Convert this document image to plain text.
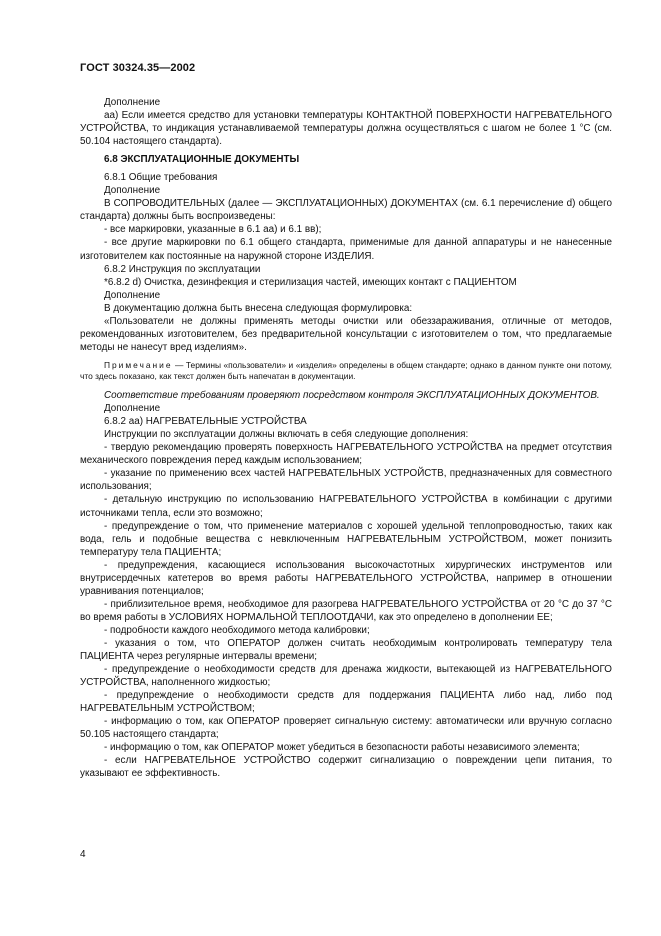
ГОСТ 30324.35—2002

Дополнение

aa) Если имеется средство для установки температуры КОНТАКТНОЙ ПОВЕРХНОСТИ НАГРЕВАТЕЛЬНОГО УСТРОЙСТВА, то индикация устанавливаемой температуры должна осуществляться с шагом не более 1 °С (см. 50.104 настоящего стандарта).

6.8 ЭКСПЛУАТАЦИОННЫЕ ДОКУМЕНТЫ

6.8.1 Общие требования

Дополнение

В СОПРОВОДИТЕЛЬНЫХ (далее — ЭКСПЛУАТАЦИОННЫХ) ДОКУМЕНТАХ (см. 6.1 перечисление d) общего стандарта) должны быть воспроизведены:

- все маркировки, указанные в 6.1 аа) и 6.1 вв);

- все другие маркировки по 6.1 общего стандарта, применимые для данной аппаратуры и не нанесенные изготовителем как постоянные на наружной стороне ИЗДЕЛИЯ.

6.8.2 Инструкция по эксплуатации

*6.8.2 d) Очистка, дезинфекция и стерилизация частей, имеющих контакт с ПАЦИЕНТОМ

Дополнение

В документацию должна быть внесена следующая формулировка:

«Пользователи не должны применять методы очистки или обеззараживания, отличные от методов, рекомендованных изготовителем, без предварительной консультации с изготовителем о том, что предлагаемые методы не нанесут вред изделиям».

Примечание — Термины «пользователи» и «изделия» определены в общем стандарте; однако в данном пункте они потому, что здесь показано, как текст должен быть напечатан в документации.

Соответствие требованиям проверяют посредством контроля ЭКСПЛУАТАЦИОННЫХ ДОКУМЕНТОВ.

Дополнение

6.8.2 аа) НАГРЕВАТЕЛЬНЫЕ УСТРОЙСТВА

Инструкции по эксплуатации должны включать в себя следующие дополнения:

- твердую рекомендацию проверять поверхность НАГРЕВАТЕЛЬНОГО УСТРОЙСТВА на предмет отсутствия механического повреждения перед каждым использованием;

- указание по применению всех частей НАГРЕВАТЕЛЬНЫХ УСТРОЙСТВ, предназначенных для совместного использования;

- детальную инструкцию по использованию НАГРЕВАТЕЛЬНОГО УСТРОЙСТВА в комбинации с другими источниками тепла, если это возможно;

- предупреждение о том, что применение материалов с хорошей удельной теплопроводностью, таких как вода, гель и подобные вещества с невключенным НАГРЕВАТЕЛЬНЫМ УСТРОЙСТВОМ, может понизить температуру тела ПАЦИЕНТА;

- предупреждения, касающиеся использования высокочастотных хирургических инструментов или внутрисердечных катетеров во время работы НАГРЕВАТЕЛЬНОГО УСТРОЙСТВА, например в отношении уравнивания потенциалов;

- приблизительное время, необходимое для разогрева НАГРЕВАТЕЛЬНОГО УСТРОЙСТВА от 20 °С до 37 °С во время работы в УСЛОВИЯХ НОРМАЛЬНОЙ ТЕПЛООТДАЧИ, как это определено в дополнении ЕЕ;

- подробности каждого необходимого метода калибровки;

- указания о том, что ОПЕРАТОР должен считать необходимым контролировать температуру тела ПАЦИЕНТА через регулярные интервалы времени;

- предупреждение о необходимости средств для дренажа жидкости, вытекающей из НАГРЕВАТЕЛЬНОГО УСТРОЙСТВА, наполненного жидкостью;

- предупреждение о необходимости средств для поддержания ПАЦИЕНТА либо над, либо под НАГРЕВАТЕЛЬНЫМ УСТРОЙСТВОМ;

- информацию о том, как ОПЕРАТОР проверяет сигнальную систему: автоматически или вручную согласно 50.105 настоящего стандарта;

- информацию о том, как ОПЕРАТОР может убедиться в безопасности работы независимого элемента;

- если НАГРЕВАТЕЛЬНОЕ УСТРОЙСТВО содержит сигнализацию о повреждении цепи питания, то указывают ее эффективность.

4
